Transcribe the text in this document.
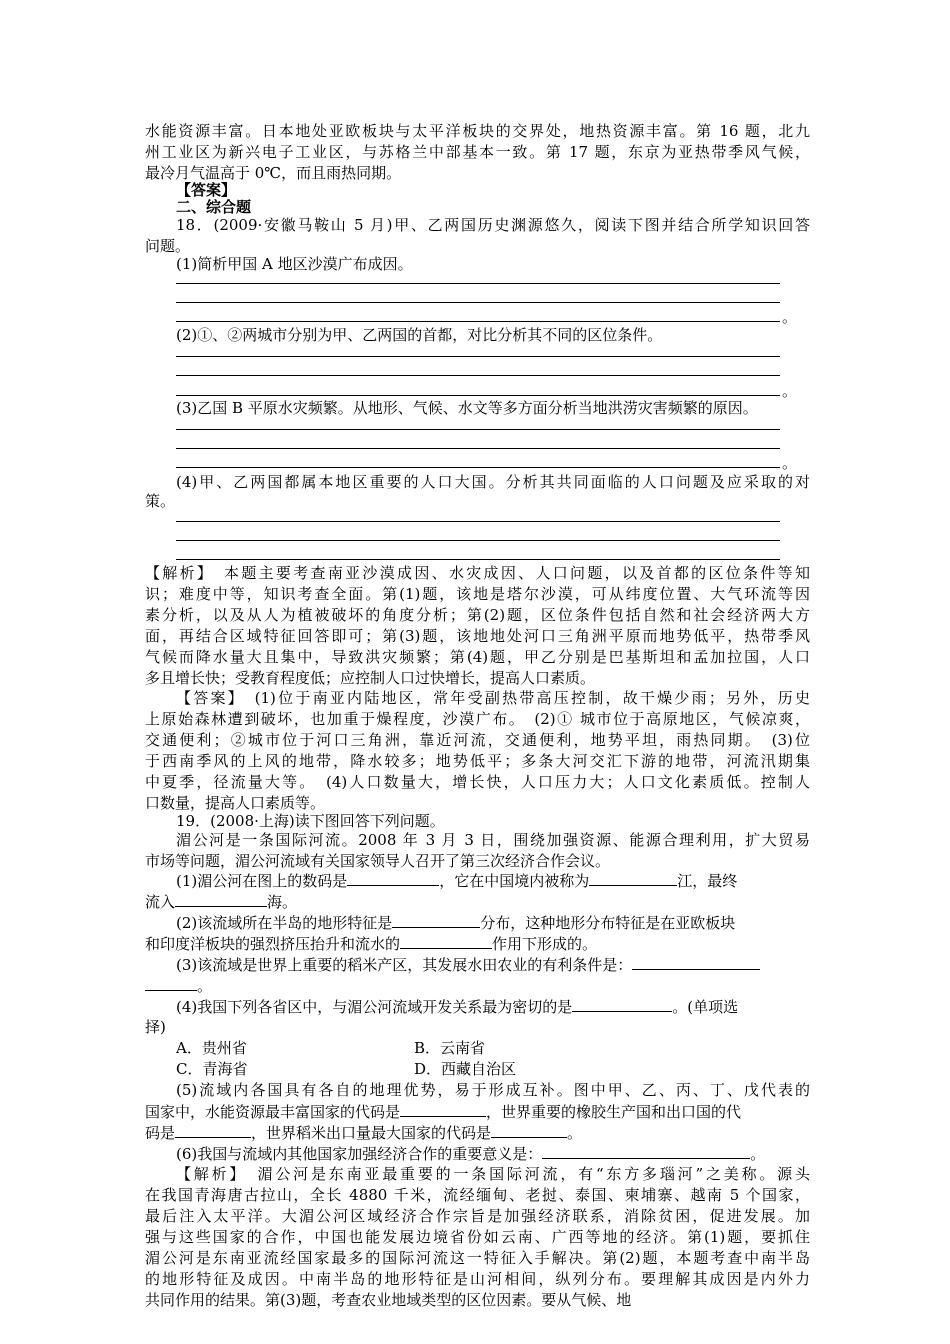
水能资源丰富。日本地处亚欧板块与太平洋板块的交界处，地热资源丰富。第 16 题，北九
州工业区为新兴电子工业区，与苏格兰中部基本一致。第 17 题，东京为亚热带季风气候，
最冷月气温高于 0℃，而且雨热同期。
【答案】
二、综合题
18．(2009·安徽马鞍山 5 月)甲、乙两国历史渊源悠久，阅读下图并结合所学知识回答
问题。
(1)简析甲国 A 地区沙漠广布成因。
。
(2)①、②两城市分别为甲、乙两国的首都，对比分析其不同的区位条件。
。
(3)乙国 B 平原水灾频繁。从地形、气候、水文等多方面分析当地洪涝灾害频繁的原因。
。
(4)甲、乙两国都属本地区重要的人口大国。分析其共同面临的人口问题及应采取的对
策。
【解析】　本题主要考查南亚沙漠成因、水灾成因、人口问题，以及首都的区位条件等知
识；难度中等，知识考查全面。第(1)题，该地是塔尔沙漠，可从纬度位置、大气环流等因
素分析，以及从人为植被破坏的角度分析；第(2)题，区位条件包括自然和社会经济两大方
面，再结合区域特征回答即可；第(3)题，该地地处河口三角洲平原而地势低平，热带季风
气候而降水量大且集中，导致洪灾频繁；第(4)题，甲乙分别是巴基斯坦和孟加拉国，人口
多且增长快；受教育程度低；应控制人口过快增长，提高人口素质。
【答案】　(1)位于南亚内陆地区，常年受副热带高压控制，故干燥少雨；另外，历史
上原始森林遭到破坏，也加重于燥程度，沙漠广布。　(2)① 城市位于高原地区，气候凉爽，
交通便利；②城市位于河口三角洲，靠近河流，交通便利，地势平坦，雨热同期。　(3)位
于西南季风的上风的地带，降水较多；地势低平；多条大河交汇下游的地带，河流汛期集
中夏季，径流量大等。　(4)人口数量大，增长快，人口压力大；人口文化素质低。控制人
口数量，提高人口素质等。
19．(2008·上海)读下图回答下列问题。
湄公河是一条国际河流。2008 年 3 月 3 日，围绕加强资源、能源合理利用，扩大贸易
市场等问题，湄公河流域有关国家领导人召开了第三次经济合作会议。
(1)湄公河在图上的数码是	，它在中国境内被称为	江，最终
流入	海。
(2)该流域所在半岛的地形特征是	分布，这种地形分布特征是在亚欧板块
和印度洋板块的强烈挤压抬升和流水的	作用下形成的。
(3)该流域是世界上重要的稻米产区，其发展水田农业的有利条件是：
。
(4)我国下列各省区中，与湄公河流域开发关系最为密切的是	。(单项选
择)
A．贵州省	B．云南省
C．青海省	D．西藏自治区
(5)流域内各国具有各自的地理优势，易于形成互补。图中甲、乙、丙、丁、戊代表的
国家中，水能资源最丰富国家的代码是	，世界重要的橡胶生产国和出口国的代
码是	，世界稻米出口量最大国家的代码是	。
(6)我国与流域内其他国家加强经济合作的重要意义是：	。
【解析】　湄公河是东南亚最重要的一条国际河流，有“东方多瑙河”之美称。源头
在我国青海唐古拉山，全长 4880 千米，流经缅甸、老挝、泰国、柬埔寨、越南 5 个国家，
最后注入太平洋。大湄公河区域经济合作宗旨是加强经济联系，消除贫困，促进发展。加
强与这些国家的合作，中国也能发展边境省份如云南、广西等地的经济。第(1)题，要抓住
湄公河是东南亚流经国家最多的国际河流这一特征入手解决。第(2)题，本题考查中南半岛
的地形特征及成因。中南半岛的地形特征是山河相间，纵列分布。要理解其成因是内外力
共同作用的结果。第(3)题，考查农业地域类型的区位因素。要从气候、地
